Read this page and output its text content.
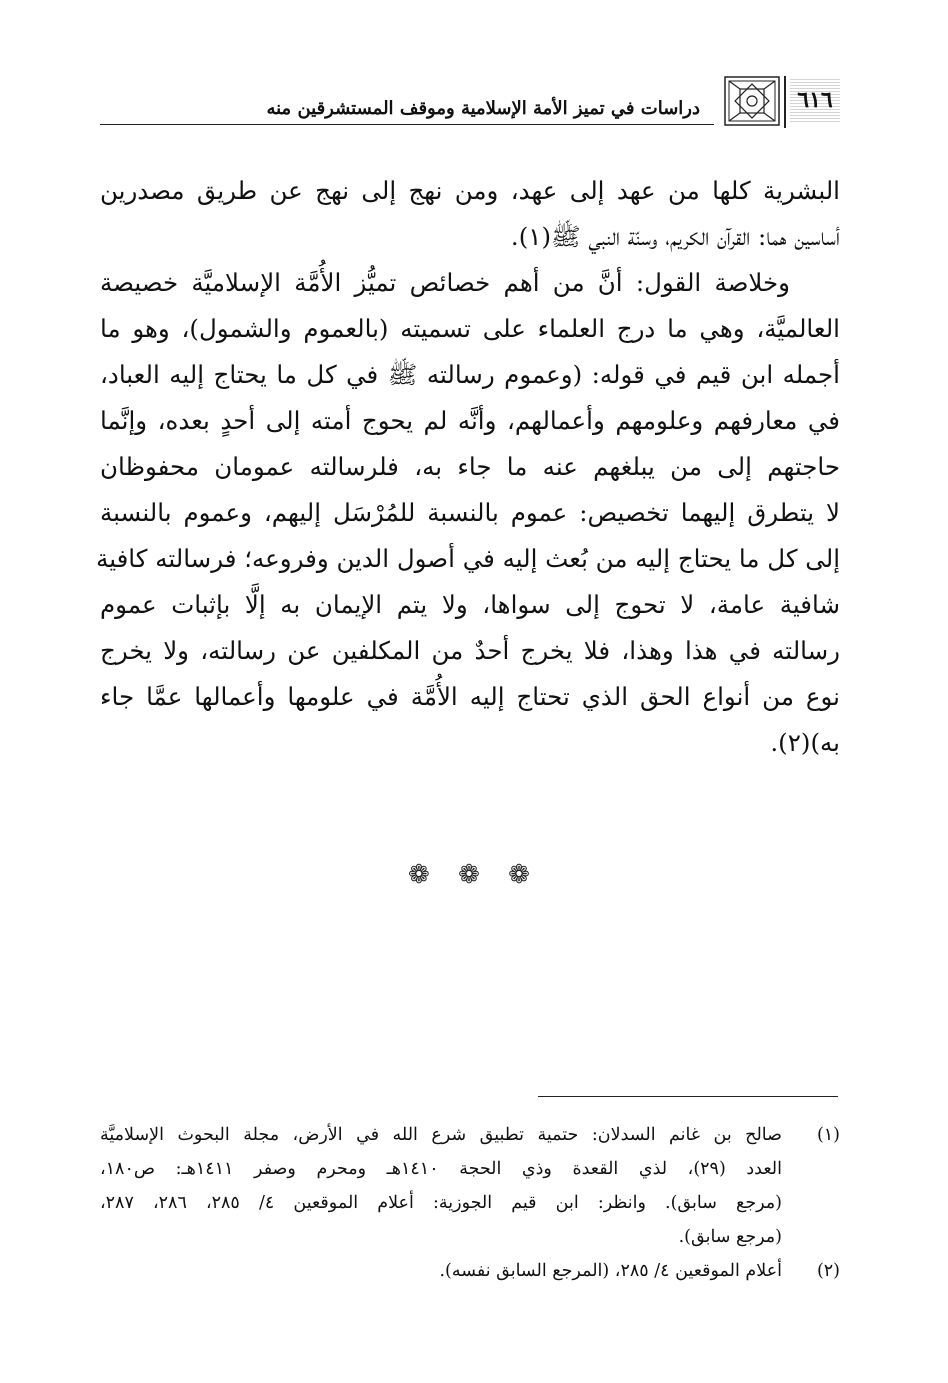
دراسات في تميز الأمة الإسلامية وموقف المستشرقين منه	٦١٦
البشرية كلها من عهد إلى عهد، ومن نهج إلى نهج عن طريق مصدرين
أساسين هما: القرآن الكريم، وسنّة النبي ﷺ(١).
وخلاصة القول: أنَّ من أهم خصائص تميُّز الأُمَّة الإسلاميَّة خصيصة
العالميَّة، وهي ما درج العلماء على تسميته (بالعموم والشمول)، وهو ما
أجمله ابن قيم في قوله: (وعموم رسالته ﷺ في كل ما يحتاج إليه العباد،
في معارفهم وعلومهم وأعمالهم، وأنَّه لم يحوج أمته إلى أحدٍ بعده، وإنَّما
حاجتهم إلى من يبلغهم عنه ما جاء به، فلرسالته عمومان محفوظان
لا يتطرق إليهما تخصيص: عموم بالنسبة للمُرْسَل إليهم، وعموم بالنسبة
إلى كل ما يحتاج إليه من بُعث إليه في أصول الدين وفروعه؛ فرسالته كافية
شافية عامة، لا تحوج إلى سواها، ولا يتم الإيمان به إلَّا بإثبات عموم
رسالته في هذا وهذا، فلا يخرج أحدٌ من المكلفين عن رسالته، ولا يخرج
نوع من أنواع الحق الذي تحتاج إليه الأُمَّة في علومها وأعمالها عمَّا جاء
به)(٢).
❁ ❁ ❁
(١)
صالح بن غانم السدلان: حتمية تطبيق شرع الله في الأرض، مجلة البحوث الإسلاميَّة
العدد (٢٩)، لذي القعدة وذي الحجة ١٤١٠هـ ومحرم وصفر ١٤١١هـ: ص١٨٠،
(مرجع سابق). وانظر: ابن قيم الجوزية: أعلام الموقعين ٤/ ٢٨٥، ٢٨٦، ٢٨٧،
(مرجع سابق).
(٢)
أعلام الموقعين ٤/ ٢٨٥، (المرجع السابق نفسه).
